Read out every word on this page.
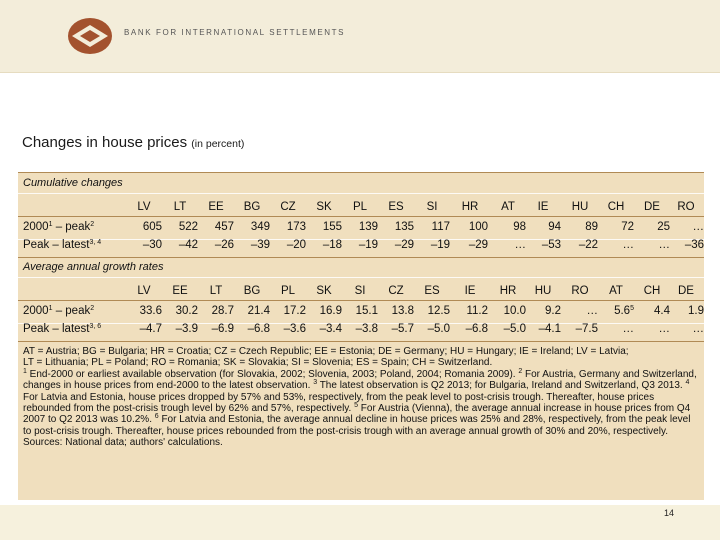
BANK FOR INTERNATIONAL SETTLEMENTS
Changes in house prices (in percent)
Cumulative changes
LV	LT	EE	BG	CZ	SK	PL	ES	SI	HR	AT	IE	HU	CH	DE	RO
2000$^1$ – peak$^2$	605	522	457	349	173	155	139	135	117	100	98	94	89	72	25	…
Peak – latest$^{3, 4}$	–30	–42	–26	–39	–20	–18	–19	–29	–19	–29	…	–53	–22	…	…	–36
Average annual growth rates
LV	EE	LT	BG	PL	SK	SI	CZ	ES	IE	HR	HU	RO	AT	CH	DE
2000$^1$ – peak$^2$	33.6	30.2	28.7	21.4	17.2	16.9	15.1	13.8	12.5	11.2	10.0	9.2	…	$5.6^5$	4.4	1.9
Peak – latest$^{3, 6}$	–4.7	–3.9	–6.9	–6.8	–3.6	–3.4	–3.8	–5.7	–5.0	–6.8	–5.0	–4.1	–7.5	…	…	…

AT = Austria; BG = Bulgaria; HR = Croatia; CZ = Czech Republic; EE = Estonia; DE = Germany; HU = Hungary; IE = Ireland; LV = Latvia;

LT = Lithuania; PL = Poland; RO = Romania; SK = Slovakia; SI = Slovenia; ES = Spain; CH = Switzerland.

$^1$ End-2000 or earliest available observation (for Slovakia, 2002; Slovenia, 2003; Poland, 2004; Romania 2009). $^2$ For Austria, Germany and Switzerland, changes in house prices from end-2000 to the latest observation. $^3$ The latest observation is Q2 2013; for Bulgaria, Ireland and Switzerland, Q3 2013. $^4$ For Latvia and Estonia, house prices dropped by 57% and 53%, respectively, from the peak level to post-crisis trough. Thereafter, house prices rebounded from the post-crisis trough level by 62% and 57%, respectively. $^5$ For Austria (Vienna), the average annual increase in house prices from Q4 2007 to Q2 2013 was 10.2%. $^6$ For Latvia and Estonia, the average annual decline in house prices was 25% and 28%, respectively, from the peak level to post-crisis trough. Thereafter, house prices rebounded from the post-crisis trough with an average annual growth of 30% and 20%, respectively.

Sources: National data; authors' calculations.

14
